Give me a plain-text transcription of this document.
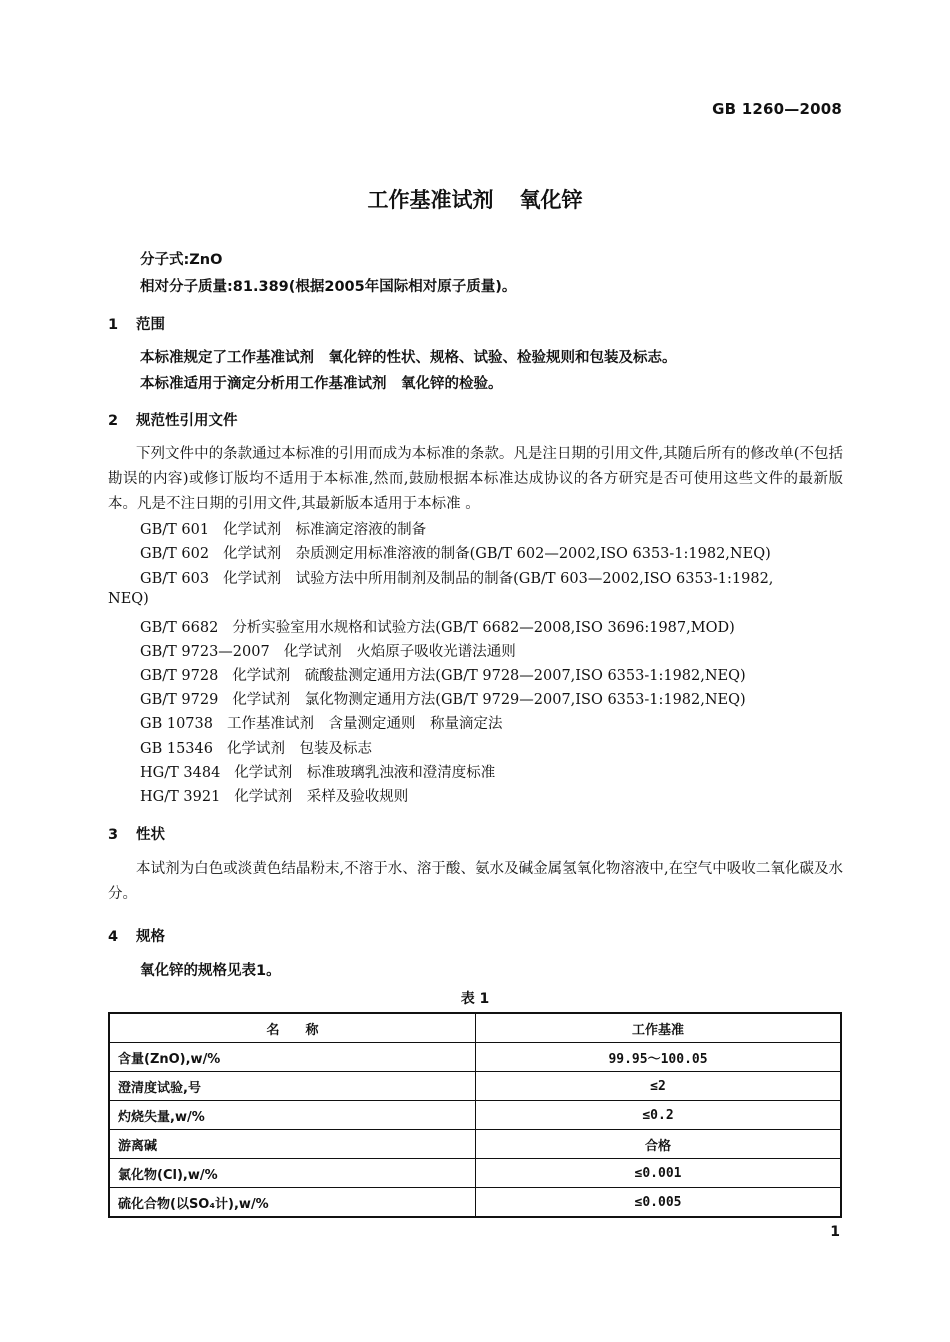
GB 1260—2008
工作基准试剂 氧化锌
分子式:ZnO
相对分子质量:81.389(根据2005年国际相对原子质量)。
1 范围
本标准规定了工作基准试剂　氧化锌的性状、规格、试验、检验规则和包装及标志。
本标准适用于滴定分析用工作基准试剂　氧化锌的检验。
2 规范性引用文件
下列文件中的条款通过本标准的引用而成为本标准的条款。凡是注日期的引用文件,其随后所有的修改单(不包括勘误的内容)或修订版均不适用于本标准,然而,鼓励根据本标准达成协议的各方研究是否可使用这些文件的最新版本。凡是不注日期的引用文件,其最新版本适用于本标准 。
GB/T 601 化学试剂　标准滴定溶液的制备
GB/T 602 化学试剂　杂质测定用标准溶液的制备(GB/T 602—2002,ISO 6353-1:1982,NEQ)
GB/T 603 化学试剂　试验方法中所用制剂及制品的制备(GB/T 603—2002,ISO 6353-1:1982,
NEQ)
GB/T 6682 分析实验室用水规格和试验方法(GB/T 6682—2008,ISO 3696:1987,MOD)
GB/T 9723—2007 化学试剂　火焰原子吸收光谱法通则
GB/T 9728 化学试剂　硫酸盐测定通用方法(GB/T 9728—2007,ISO 6353-1:1982,NEQ)
GB/T 9729 化学试剂　氯化物测定通用方法(GB/T 9729—2007,ISO 6353-1:1982,NEQ)
GB 10738 工作基准试剂　含量测定通则　称量滴定法
GB 15346 化学试剂　包装及标志
HG/T 3484 化学试剂　标准玻璃乳浊液和澄清度标准
HG/T 3921 化学试剂　采样及验收规则
3 性状
本试剂为白色或淡黄色结晶粉末,不溶于水、溶于酸、氨水及碱金属氢氧化物溶液中,在空气中吸收二氧化碳及水分。
4 规格
氧化锌的规格见表1。
表 1
名　　称	工作基准
含量(ZnO),w/%	99.95～100.05
澄清度试验,号	≤2
灼烧失量,w/%	≤0.2
游离碱	合格
氯化物(Cl),w/%	≤0.001
硫化合物(以SO₄计),w/%	≤0.005
1
